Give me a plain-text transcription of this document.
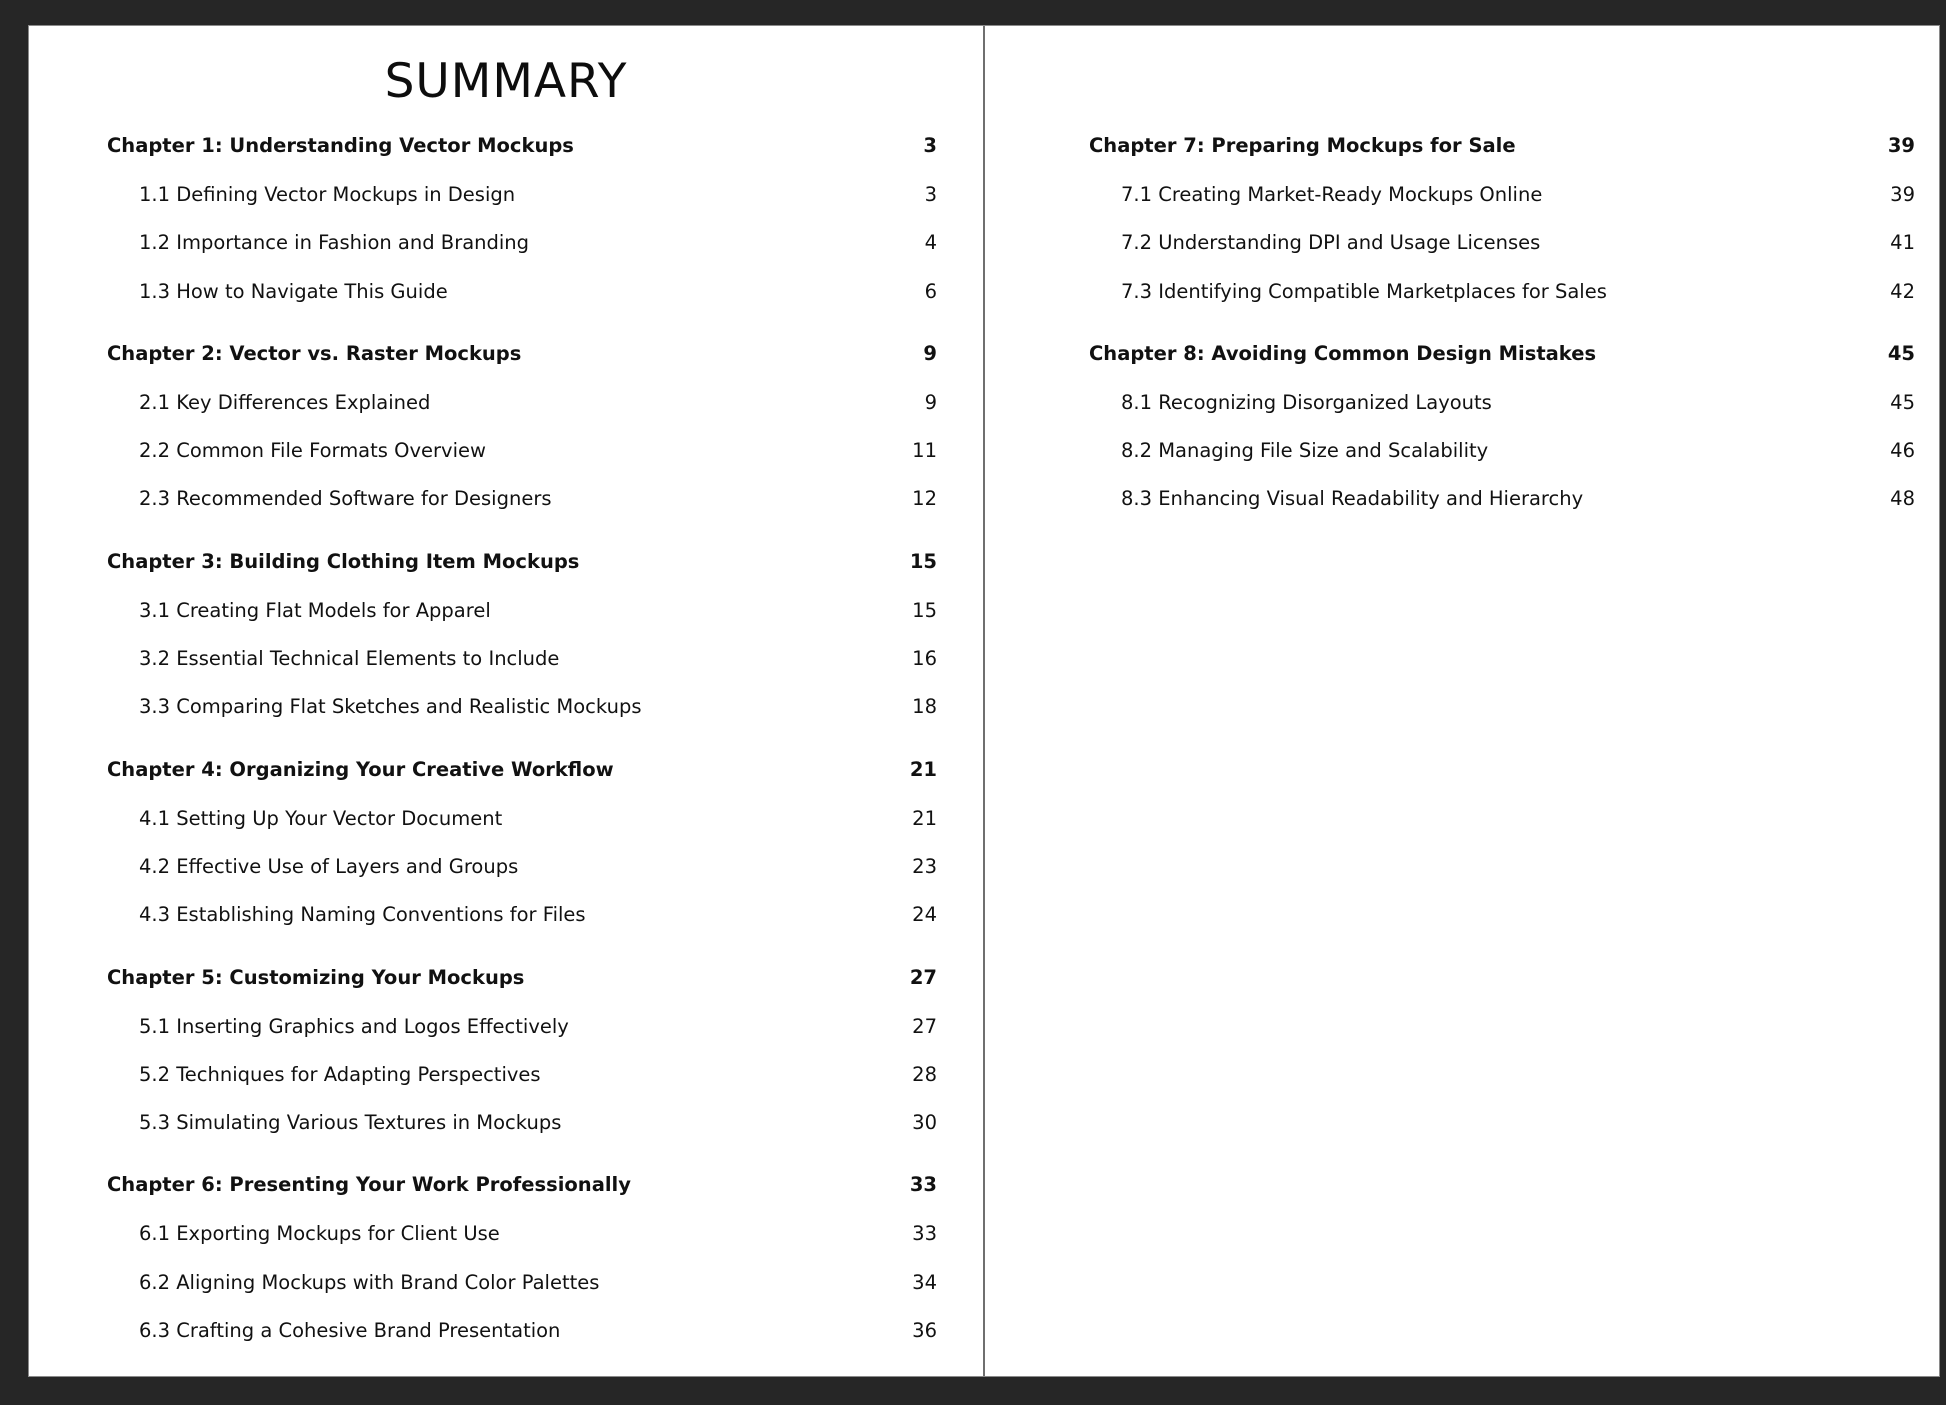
SUMMARY
Chapter 1: Understanding Vector Mockups	3
1.1 Defining Vector Mockups in Design	3
1.2 Importance in Fashion and Branding	4
1.3 How to Navigate This Guide	6
Chapter 2: Vector vs. Raster Mockups	9
2.1 Key Differences Explained	9
2.2 Common File Formats Overview	11
2.3 Recommended Software for Designers	12
Chapter 3: Building Clothing Item Mockups	15
3.1 Creating Flat Models for Apparel	15
3.2 Essential Technical Elements to Include	16
3.3 Comparing Flat Sketches and Realistic Mockups	18
Chapter 4: Organizing Your Creative Workflow	21
4.1 Setting Up Your Vector Document	21
4.2 Effective Use of Layers and Groups	23
4.3 Establishing Naming Conventions for Files	24
Chapter 5: Customizing Your Mockups	27
5.1 Inserting Graphics and Logos Effectively	27
5.2 Techniques for Adapting Perspectives	28
5.3 Simulating Various Textures in Mockups	30
Chapter 6: Presenting Your Work Professionally	33
6.1 Exporting Mockups for Client Use	33
6.2 Aligning Mockups with Brand Color Palettes	34
6.3 Crafting a Cohesive Brand Presentation	36
Chapter 7: Preparing Mockups for Sale	39
7.1 Creating Market-Ready Mockups Online	39
7.2 Understanding DPI and Usage Licenses	41
7.3 Identifying Compatible Marketplaces for Sales	42
Chapter 8: Avoiding Common Design Mistakes	45
8.1 Recognizing Disorganized Layouts	45
8.2 Managing File Size and Scalability	46
8.3 Enhancing Visual Readability and Hierarchy	48
